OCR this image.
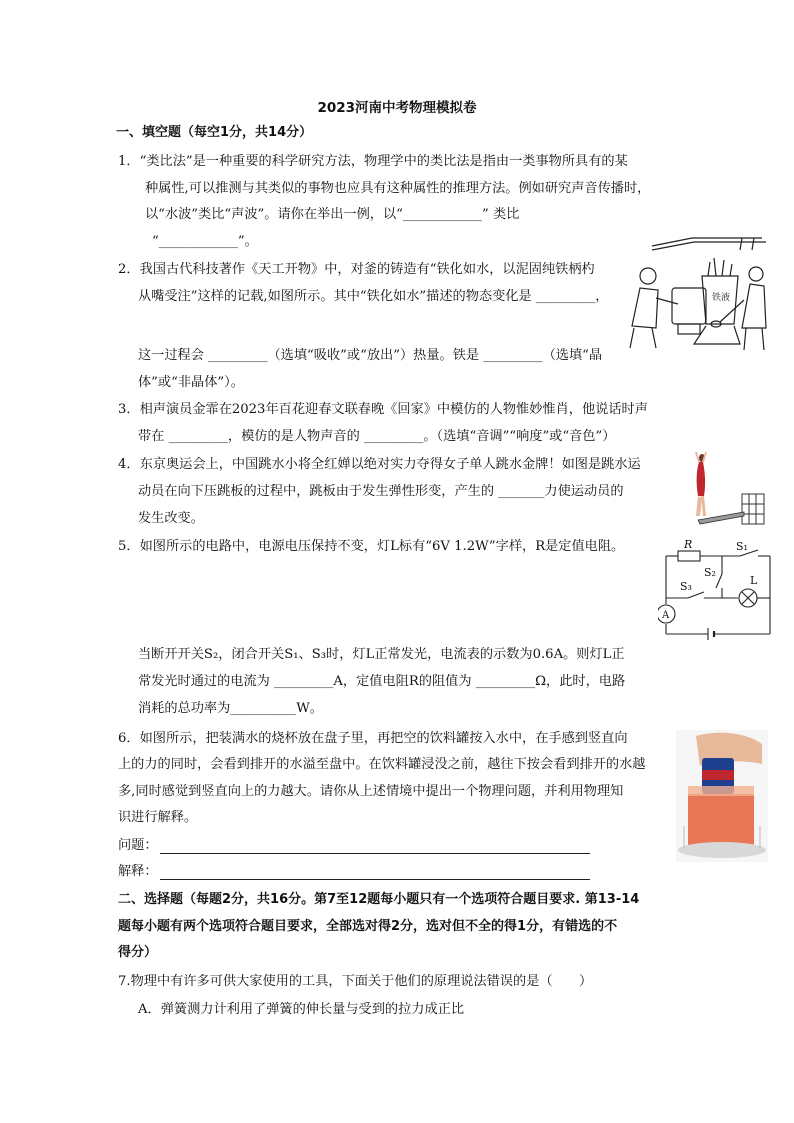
2023河南中考物理模拟卷
一、填空题（每空1分，共14分）
1．“类比法”是一种重要的科学研究方法，物理学中的类比法是指由一类事物所具有的某
种属性,可以推测与其类似的事物也应具有这种属性的推理方法。例如研究声音传播时，
以“水波”类比“声波”。请你在举出一例，以“____________” 类比
“____________”。
2．我国古代科技著作《天工开物》中，对釜的铸造有“铁化如水，以泥固纯铁柄杓
从嘴受注”这样的记载,如图所示。其中“铁化如水”描述的物态变化是 _________，
这一过程会 _________（选填“吸收”或“放出”）热量。铁是 _________（选填“晶
体”或“非晶体”）。
铁液
3．相声演员金霏在2023年百花迎春文联春晚《回家》中模仿的人物惟妙惟肖，他说话时声
带在 _________，模仿的是人物声音的 _________。（选填“音调”“响度”或“音色”）
4．东京奥运会上，中国跳水小将全红婵以绝对实力夺得女子单人跳水金牌！如图是跳水运
动员在向下压跳板的过程中，跳板由于发生弹性形变，产生的 _______力使运动员的
发生改变。
5．如图所示的电路中，电源电压保持不变，灯L标有“6V 1.2W”字样，R是定值电阻。
当断开开关S₂，闭合开关S₁、S₃时，灯L正常发光，电流表的示数为0.6A。则灯L正
常发光时通过的电流为 _________A，定值电阻R的阻值为 _________Ω，此时，电路
消耗的总功率为__________W。
R	S₁
S₂
S₃	L
A
6．如图所示，把装满水的烧杯放在盘子里，再把空的饮料罐按入水中，在手感到竖直向
上的力的同时，会看到排开的水溢至盘中。在饮料罐浸没之前，越往下按会看到排开的水越
多,同时感觉到竖直向上的力越大。请你从上述情境中提出一个物理问题，并利用物理知
识进行解释。
问题：
解释：
二、选择题（每题2分，共16分。第7至12题每小题只有一个选项符合题目要求. 第13-14
题每小题有两个选项符合题目要求，全部选对得2分，选对但不全的得1分，有错选的不
得分）
7.物理中有许多可供大家使用的工具，下面关于他们的原理说法错误的是（　　）
A．弹簧测力计利用了弹簧的伸长量与受到的拉力成正比
